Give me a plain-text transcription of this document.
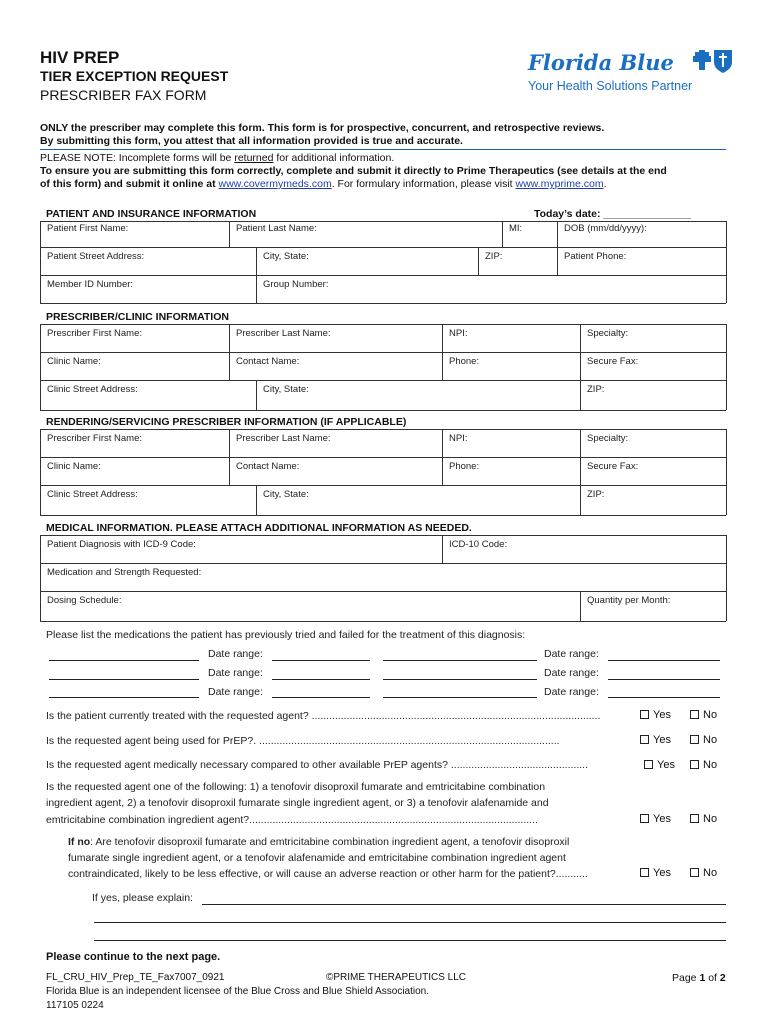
HIV PREP
TIER EXCEPTION REQUEST
PRESCRIBER FAX FORM
Florida Blue
Your Health Solutions Partner
ONLY the prescriber may complete this form. This form is for prospective, concurrent, and retrospective reviews.
By submitting this form, you attest that all information provided is true and accurate.
PLEASE NOTE: Incomplete forms will be returned for additional information.
To ensure you are submitting this form correctly, complete and submit it directly to Prime Therapeutics (see details at the end
of this form) and submit it online at www.covermymeds.com. For formulary information, please visit www.myprime.com.
PATIENT AND INSURANCE INFORMATION	Today’s date: _______________
Patient First Name:	Patient Last Name:	MI:	DOB (mm/dd/yyyy):
Patient Street Address:	City, State:	ZIP:	Patient Phone:
Member ID Number:	Group Number:
PRESCRIBER/CLINIC INFORMATION
Prescriber First Name:	Prescriber Last Name:	NPI:	Specialty:
Clinic Name:	Contact Name:	Phone:	Secure Fax:
Clinic Street Address:	City, State:	ZIP:
RENDERING/SERVICING PRESCRIBER INFORMATION (IF APPLICABLE)
Prescriber First Name:	Prescriber Last Name:	NPI:	Specialty:
Clinic Name:	Contact Name:	Phone:	Secure Fax:
Clinic Street Address:	City, State:	ZIP:
MEDICAL INFORMATION. PLEASE ATTACH ADDITIONAL INFORMATION AS NEEDED.
Patient Diagnosis with ICD-9 Code:	ICD-10 Code:
Medication and Strength Requested:
Dosing Schedule:	Quantity per Month:
Please list the medications the patient has previously tried and failed for the treatment of this diagnosis:
Date range:	Date range:
Date range:	Date range:
Date range:	Date range:
Is the patient currently treated with the requested agent? ...................................................................................................	Yes	No
Is the requested agent being used for PrEP?. .......................................................................................................	Yes	No
Is the requested agent medically necessary compared to other available PrEP agents? ...............................................	Yes	No
Is the requested agent one of the following: 1) a tenofovir disoproxil fumarate and emtricitabine combination
ingredient agent, 2) a tenofovir disoproxil fumarate single ingredient agent, or 3) a tenofovir alafenamide and
emtricitabine combination ingredient agent?...................................................................................................	Yes	No
If no: Are tenofovir disoproxil fumarate and emtricitabine combination ingredient agent, a tenofovir disoproxil
fumarate single ingredient agent, or a tenofovir alafenamide and emtricitabine combination ingredient agent
contraindicated, likely to be less effective, or will cause an adverse reaction or other harm for the patient?...........	Yes	No
If yes, please explain:
Please continue to the next page.
FL_CRU_HIV_Prep_TE_Fax7007_0921	©PRIME THERAPEUTICS LLC	Page 1 of 2
Florida Blue is an independent licensee of the Blue Cross and Blue Shield Association.
117105 0224
